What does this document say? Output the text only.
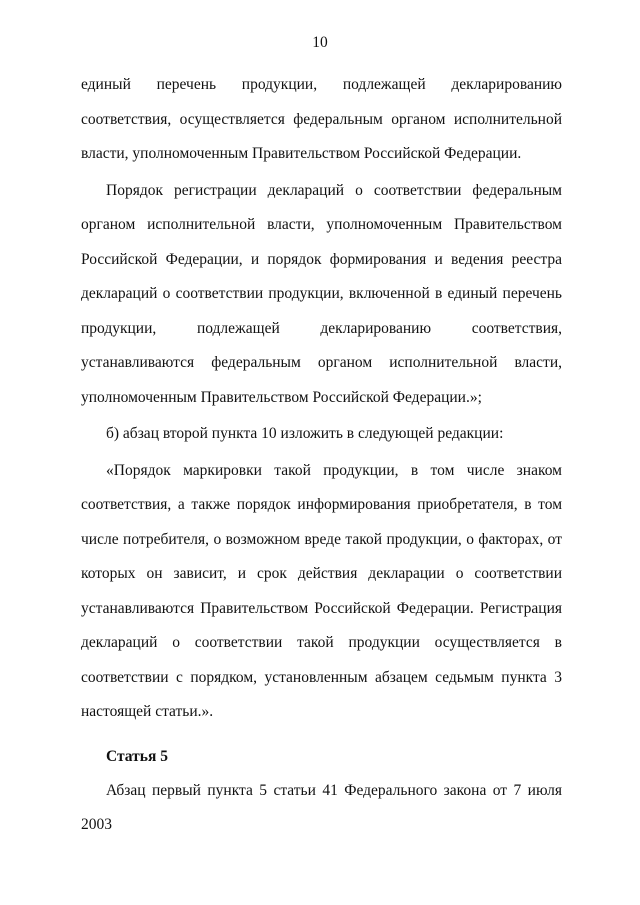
10

единый перечень продукции, подлежащей декларированию соответствия, осуществляется федеральным органом исполнительной власти, уполномоченным Правительством Российской Федерации.

Порядок регистрации деклараций о соответствии федеральным органом исполнительной власти, уполномоченным Правительством Российской Федерации, и порядок формирования и ведения реестра деклараций о соответствии продукции, включенной в единый перечень продукции, подлежащей декларированию соответствия, устанавливаются федеральным органом исполнительной власти, уполномоченным Правительством Российской Федерации.»;

б) абзац второй пункта 10 изложить в следующей редакции:

«Порядок маркировки такой продукции, в том числе знаком соответствия, а также порядок информирования приобретателя, в том числе потребителя, о возможном вреде такой продукции, о факторах, от которых он зависит, и срок действия декларации о соответствии устанавливаются Правительством Российской Федерации. Регистрация деклараций о соответствии такой продукции осуществляется в соответствии с порядком, установленным абзацем седьмым пункта 3 настоящей статьи.».

Статья 5

Абзац первый пункта 5 статьи 41 Федерального закона от 7 июля 2003
